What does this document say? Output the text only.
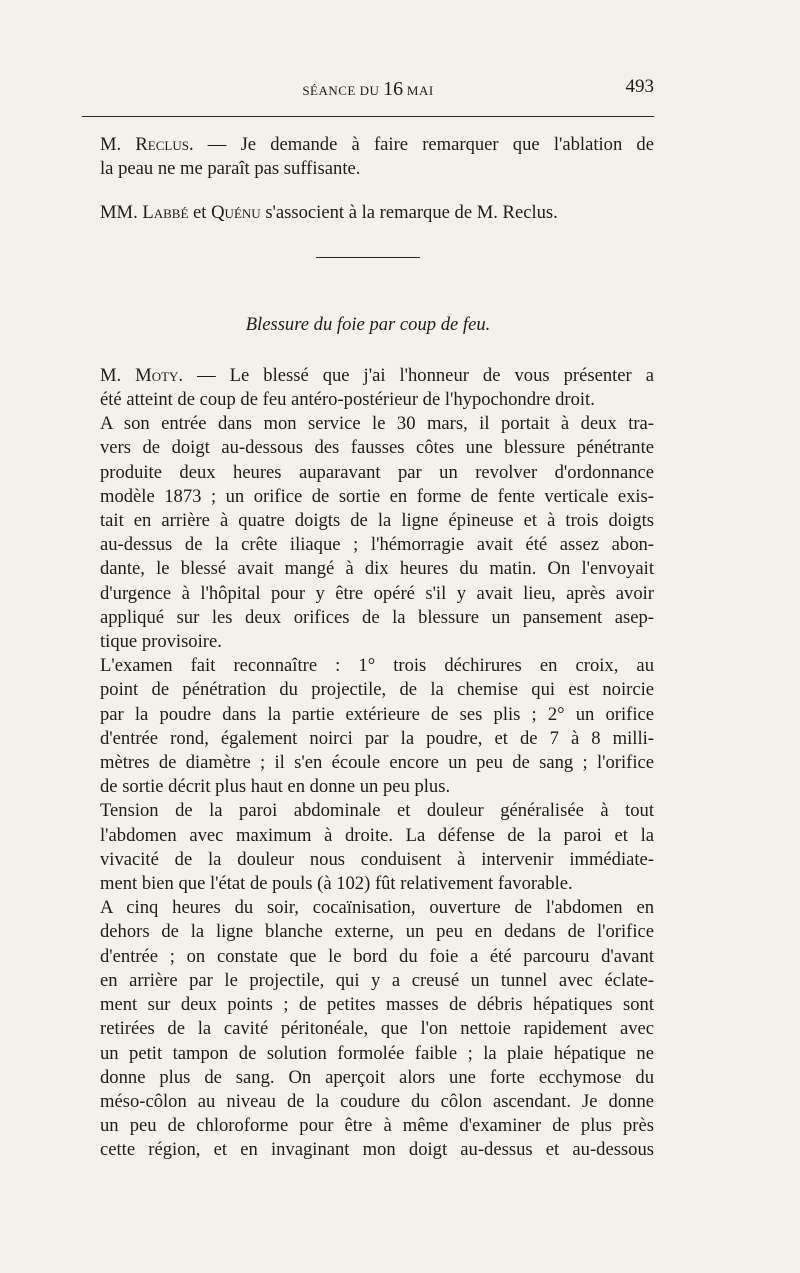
SÉANCE DU 16 MAI	493

M. Reclus. — Je demande à faire remarquer que l'ablation de
la peau ne me paraît pas suffisante.

MM. Labbé et Quénu s'associent à la remarque de M. Reclus.

Blessure du foie par coup de feu.

M. Moty. — Le blessé que j'ai l'honneur de vous présenter a
été atteint de coup de feu antéro-postérieur de l'hypochondre droit.

A son entrée dans mon service le 30 mars, il portait à deux tra-
vers de doigt au-dessous des fausses côtes une blessure pénétrante
produite deux heures auparavant par un revolver d'ordonnance
modèle 1873 ; un orifice de sortie en forme de fente verticale exis-
tait en arrière à quatre doigts de la ligne épineuse et à trois doigts
au-dessus de la crête iliaque ; l'hémorragie avait été assez abon-
dante, le blessé avait mangé à dix heures du matin. On l'envoyait
d'urgence à l'hôpital pour y être opéré s'il y avait lieu, après avoir
appliqué sur les deux orifices de la blessure un pansement asep-
tique provisoire.

L'examen fait reconnaître : 1° trois déchirures en croix, au
point de pénétration du projectile, de la chemise qui est noircie
par la poudre dans la partie extérieure de ses plis ; 2° un orifice
d'entrée rond, également noirci par la poudre, et de 7 à 8 milli-
mètres de diamètre ; il s'en écoule encore un peu de sang ; l'orifice
de sortie décrit plus haut en donne un peu plus.

Tension de la paroi abdominale et douleur généralisée à tout
l'abdomen avec maximum à droite. La défense de la paroi et la
vivacité de la douleur nous conduisent à intervenir immédiate-
ment bien que l'état de pouls (à 102) fût relativement favorable.

A cinq heures du soir, cocaïnisation, ouverture de l'abdomen en
dehors de la ligne blanche externe, un peu en dedans de l'orifice
d'entrée ; on constate que le bord du foie a été parcouru d'avant
en arrière par le projectile, qui y a creusé un tunnel avec éclate-
ment sur deux points ; de petites masses de débris hépatiques sont
retirées de la cavité péritonéale, que l'on nettoie rapidement avec
un petit tampon de solution formolée faible ; la plaie hépatique ne
donne plus de sang. On aperçoit alors une forte ecchymose du
méso-côlon au niveau de la coudure du côlon ascendant. Je donne
un peu de chloroforme pour être à même d'examiner de plus près
cette région, et en invaginant mon doigt au-dessus et au-dessous
